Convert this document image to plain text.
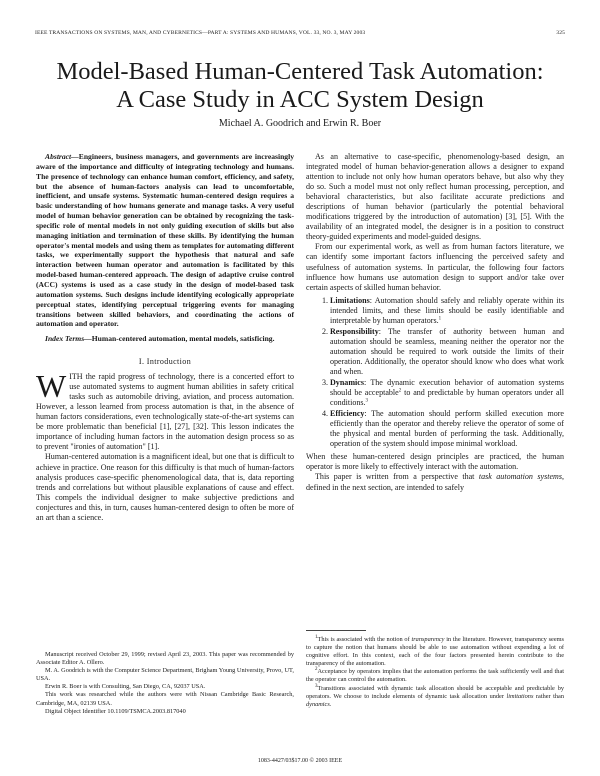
IEEE TRANSACTIONS ON SYSTEMS, MAN, AND CYBERNETICS—PART A: SYSTEMS AND HUMANS, VOL. 33, NO. 3, MAY 2003	325
Model-Based Human-Centered Task Automation:
A Case Study in ACC System Design
Michael A. Goodrich and Erwin R. Boer

Abstract—Engineers, business managers, and governments are increasingly aware of the importance and difficulty of integrating technology and humans. The presence of technology can enhance human comfort, efficiency, and safety, but the absence of human-factors analysis can lead to uncomfortable, inefficient, and unsafe systems. Systematic human-centered design requires a basic understanding of how humans generate and manage tasks. A very useful model of human behavior generation can be obtained by recognizing the task-specific role of mental models in not only guiding execution of skills but also managing initiation and termination of these skills. By identifying the human operator's mental models and using them as templates for automating different tasks, we experimentally support the hypothesis that natural and safe interaction between human operator and automation is facilitated by this model-based human-centered approach. The design of adaptive cruise control (ACC) systems is used as a case study in the design of model-based task automation systems. Such designs include identifying ecologically appropriate perceptual states, identifying perceptual triggering events for managing transitions between skilled behaviors, and coordinating the actions of automation and operator.

Index Terms—Human-centered automation, mental models, satisficing.

I. Introduction

WITH the rapid progress of technology, there is a concerted effort to use automated systems to augment human abilities in safety critical tasks such as automobile driving, aviation, and process automation. However, a lesson learned from process automation is that, in the absence of human factors considerations, even technologically state-of-the-art systems can be more problematic than beneficial [1], [27], [32]. This lesson indicates the importance of including human factors in the automation design process so as to prevent "ironies of automation" [1].

Human-centered automation is a magnificent ideal, but one that is difficult to achieve in practice. One reason for this difficulty is that much of human-factors analysis produces case-specific phenomenological data, that is, data reporting trends and correlations but without plausible explanations of cause and effect. This compels the individual designer to make subjective predictions and conjectures and this, in turn, causes human-centered design to often be more of an art than a science.

Manuscript received October 29, 1999; revised April 23, 2003. This paper was recommended by Associate Editor A. Ollero.

M. A. Goodrich is with the Computer Science Department, Brigham Young University, Provo, UT, USA.

Erwin R. Boer is with Consulting, San Diego, CA, 92037 USA.

This work was researched while the authors were with Nissan Cambridge Basic Research, Cambridge, MA, 02139 USA.

Digital Object Identifier 10.1109/TSMCA.2003.817040

As an alternative to case-specific, phenomenology-based design, an integrated model of human behavior-generation allows a designer to expand attention to include not only how human operators behave, but also why they do so. Such a model must not only reflect human processing, perception, and behavioral characteristics, but also facilitate accurate predictions and descriptions of human behavior (particularly the potential behavioral modifications triggered by the introduction of automation) [3], [5]. With the availability of an integrated model, the designer is in a position to construct theory-guided experiments and model-guided designs.

From our experimental work, as well as from human factors literature, we can identify some important factors influencing the perceived safety and usefulness of automation systems. In particular, the following four factors influence how humans use automation design to support and/or take over certain aspects of skilled human behavior.

1. Limitations: Automation should safely and reliably operate within its intended limits, and these limits should be easily identifiable and interpretable by human operators.$^1$
2. Responsibility: The transfer of authority between human and automation should be seamless, meaning neither the operator nor the automation should be required to work outside the limits of their operation. Additionally, the operator should know who does what work and when.
3. Dynamics: The dynamic execution behavior of automation systems should be acceptable$^2$ to and predictable by human operators under all conditions.$^3$
4. Efficiency: The automation should perform skilled execution more efficiently than the operator and thereby relieve the operator of some of the physical and mental burden of performing the task. Additionally, operation of the system should impose minimal workload.

When these human-centered design principles are practiced, the human operator is more likely to effectively interact with the automation.

This paper is written from a perspective that task automation systems, defined in the next section, are intended to safely

$^1$This is associated with the notion of transparency in the literature. However, transparency seems to capture the notion that humans should be able to use automation without expending a lot of cognitive effort. In this context, each of the four factors presented herein contribute to the transparency of the automation.

$^2$Acceptance by operators implies that the automation performs the task sufficiently well and that the operator can control the automation.

$^3$Transitions associated with dynamic task allocation should be acceptable and predictable by operators. We choose to include elements of dynamic task allocation under limitations rather than dynamics.

1083-4427/03$17.00 © 2003 IEEE
